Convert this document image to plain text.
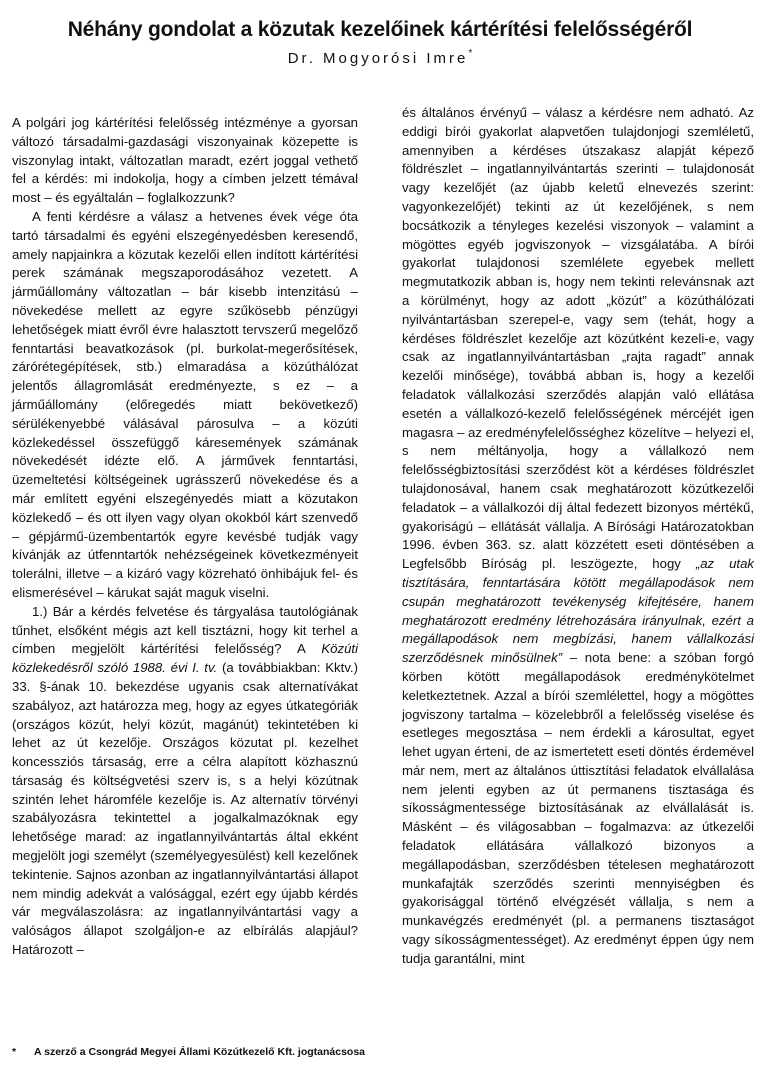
Néhány gondolat a közutak kezelőinek kártérítési felelősségéről

Dr. Mogyorósi Imre*

A polgári jog kártérítési felelősség intézménye a gyorsan változó társadalmi-gazdasági viszonyainak közepette is viszonylag intakt, változatlan maradt, ezért joggal vethető fel a kérdés: mi indokolja, hogy a címben jelzett témával most – és egyáltalán – foglalkozzunk?

A fenti kérdésre a válasz a hetvenes évek vége óta tartó társadalmi és egyéni elszegényedésben keresendő, amely napjainkra a közutak kezelői ellen indított kártérítési perek számának megszaporodásához vezetett. A járműállomány változatlan – bár kisebb intenzitású – növekedése mellett az egyre szűkösebb pénzügyi lehetőségek miatt évről évre halasztott tervszerű megelőző fenntartási beavatkozások (pl. burkolat-megerősítések, zárórétegépítések, stb.) elmaradása a közúthálózat jelentős állagromlását eredményezte, s ez – a járműállomány (előregedés miatt bekövetkező) sérülékenyebbé válásával párosulva – a közúti közlekedéssel összefüggő káresemények számának növekedését idézte elő. A járművek fenntartási, üzemeltetési költségeinek ugrásszerű növekedése és a már említett egyéni elszegényedés miatt a közutakon közlekedő – és ott ilyen vagy olyan okokból kárt szenvedő – gépjármű-üzembentartók egyre kevésbé tudják vagy kívánják az útfenntartók nehézségeinek következményeit tolerálni, illetve – a kizáró vagy közreható önhibájuk fel- és elismerésével – kárukat saját maguk viselni.

1.) Bár a kérdés felvetése és tárgyalása tautológiának tűnhet, elsőként mégis azt kell tisztázni, hogy kit terhel a címben megjelölt kártérítési felelősség? A Közúti közlekedésről szóló 1988. évi I. tv. (a továbbiakban: Kktv.) 33. §-ának 10. bekezdése ugyanis csak alternatívákat szabályoz, azt határozza meg, hogy az egyes útkategóriák (országos közút, helyi közút, magánút) tekintetében ki lehet az út kezelője. Országos közutat pl. kezelhet koncessziós társaság, erre a célra alapított közhasznú társaság és költségvetési szerv is, s a helyi közútnak szintén lehet háromféle kezelője is. Az alternatív törvényi szabályozásra tekintettel a jogalkalmazóknak egy lehetősége marad: az ingatlannyilvántartás által ekként megjelölt jogi személyt (személyegyesülést) kell kezelőnek tekintenie. Sajnos azonban az ingatlannyilvántartási állapot nem mindig adekvát a valósággal, ezért egy újabb kérdés vár megválaszolásra: az ingatlannyilvántartási vagy a valóságos állapot szolgáljon-e az elbírálás alapjául? Határozott –

és általános érvényű – válasz a kérdésre nem adható. Az eddigi bírói gyakorlat alapvetően tulajdonjogi szemléletű, amennyiben a kérdéses útszakasz alapját képező földrészlet – ingatlannyilvántartás szerinti – tulajdonosát vagy kezelőjét (az újabb keletű elnevezés szerint: vagyonkezelőjét) tekinti az út kezelőjének, s nem bocsátkozik a tényleges kezelési viszonyok – valamint a mögöttes egyéb jogviszonyok – vizsgálatába. A bírói gyakorlat tulajdonosi szemlélete egyebek mellett megmutatkozik abban is, hogy nem tekinti relevánsnak azt a körülményt, hogy az adott „közút” a közúthálózati nyilvántartásban szerepel-e, vagy sem (tehát, hogy a kérdéses földrészlet kezelője azt közútként kezeli-e, vagy csak az ingatlannyilvántartásban „rajta ragadt” annak kezelői minősége), továbbá abban is, hogy a kezelői feladatok vállalkozási szerződés alapján való ellátása esetén a vállalkozó-kezelő felelősségének mércéjét igen magasra – az eredményfelelősséghez közelítve – helyezi el, s nem méltányolja, hogy a vállalkozó nem felelősségbiztosítási szerződést köt a kérdéses földrészlet tulajdonosával, hanem csak meghatározott közútkezelői feladatok – a vállalkozói díj által fedezett bizonyos mértékű, gyakoriságú – ellátását vállalja. A Bírósági Határozatokban 1996. évben 363. sz. alatt közzétett eseti döntésében a Legfelsőbb Bíróság pl. leszögezte, hogy „az utak tisztítására, fenntartására kötött megállapodások nem csupán meghatározott tevékenység kifejtésére, hanem meghatározott eredmény létrehozására irányulnak, ezért a megállapodások nem megbízási, hanem vállalkozási szerződésnek minősülnek” – nota bene: a szóban forgó körben kötött megállapodások eredménykötelmet keletkeztetnek. Azzal a bírói szemlélettel, hogy a mögöttes jogviszony tartalma – közelebbről a felelősség viselése és esetleges megosztása – nem érdekli a károsultat, egyet lehet ugyan érteni, de az ismertetett eseti döntés érdemével már nem, mert az általános úttisztítási feladatok elvállalása nem jelenti egyben az út permanens tisztasága és síkosságmentessége biztosításának az elvállalását is. Másként – és világosabban – fogalmazva: az útkezelői feladatok ellátására vállalkozó bizonyos a megállapodásban, szerződésben tételesen meghatározott munkafajták szerződés szerinti mennyiségben és gyakorisággal történő elvégzését vállalja, s nem a munkavégzés eredményét (pl. a permanens tisztaságot vagy síkosságmentességet). Az eredményt éppen úgy nem tudja garantálni, mint

* A szerző a Csongrád Megyei Állami Közútkezelő Kft. jogtanácsosa
